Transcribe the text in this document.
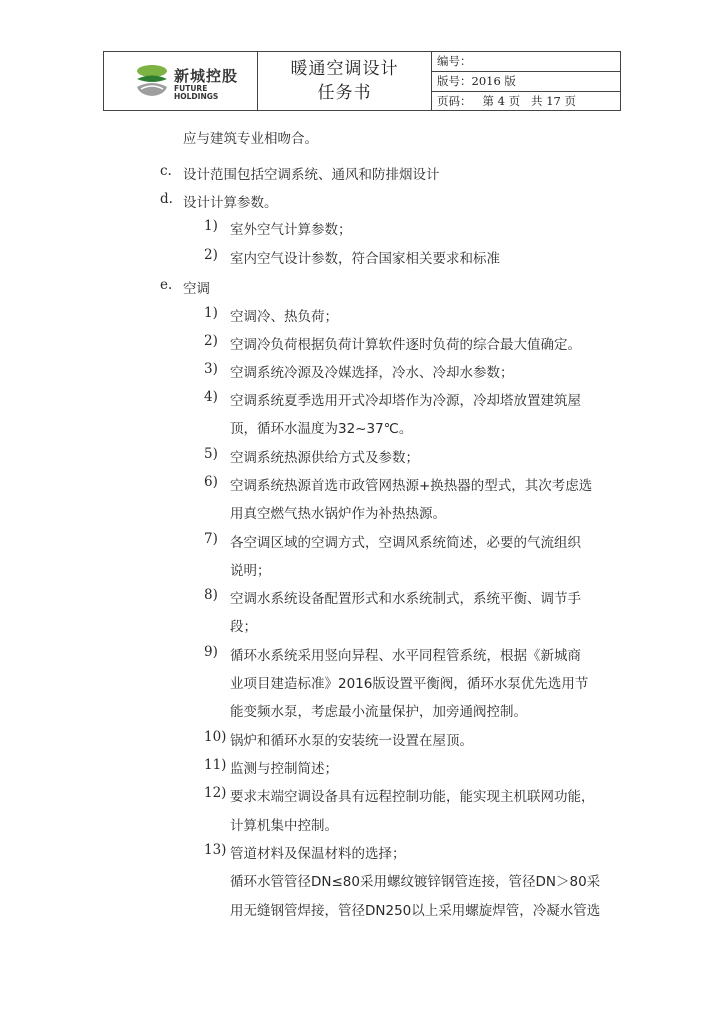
新城控股
FUTURE
HOLDINGS
暖通空调设计
任务书
编号：
版号：2016 版
页码：   第 4 页   共 17 页
应与建筑专业相吻合。
c. 设计范围包括空调系统、通风和防排烟设计
d. 设计计算参数。
1) 室外空气计算参数；
2) 室内空气设计参数，符合国家相关要求和标准
e. 空调
1) 空调冷、热负荷；
2) 空调冷负荷根据负荷计算软件逐时负荷的综合最大值确定。
3) 空调系统冷源及冷媒选择，冷水、冷却水参数；
4) 空调系统夏季选用开式冷却塔作为冷源，冷却塔放置建筑屋
顶，循环水温度为32~37℃。
5) 空调系统热源供给方式及参数；
6) 空调系统热源首选市政管网热源+换热器的型式，其次考虑选
用真空燃气热水锅炉作为补热热源。
7) 各空调区域的空调方式，空调风系统简述，必要的气流组织
说明；
8) 空调水系统设备配置形式和水系统制式，系统平衡、调节手
段；
9) 循环水系统采用竖向异程、水平同程管系统，根据《新城商
业项目建造标准》2016版设置平衡阀，循环水泵优先选用节
能变频水泵，考虑最小流量保护，加旁通阀控制。
10) 锅炉和循环水泵的安装统一设置在屋顶。
11) 监测与控制简述；
12) 要求末端空调设备具有远程控制功能，能实现主机联网功能，
计算机集中控制。
13) 管道材料及保温材料的选择；
循环水管管径DN≤80采用螺纹镀锌钢管连接，管径DN＞80采
用无缝钢管焊接，管径DN250以上采用螺旋焊管，冷凝水管选
